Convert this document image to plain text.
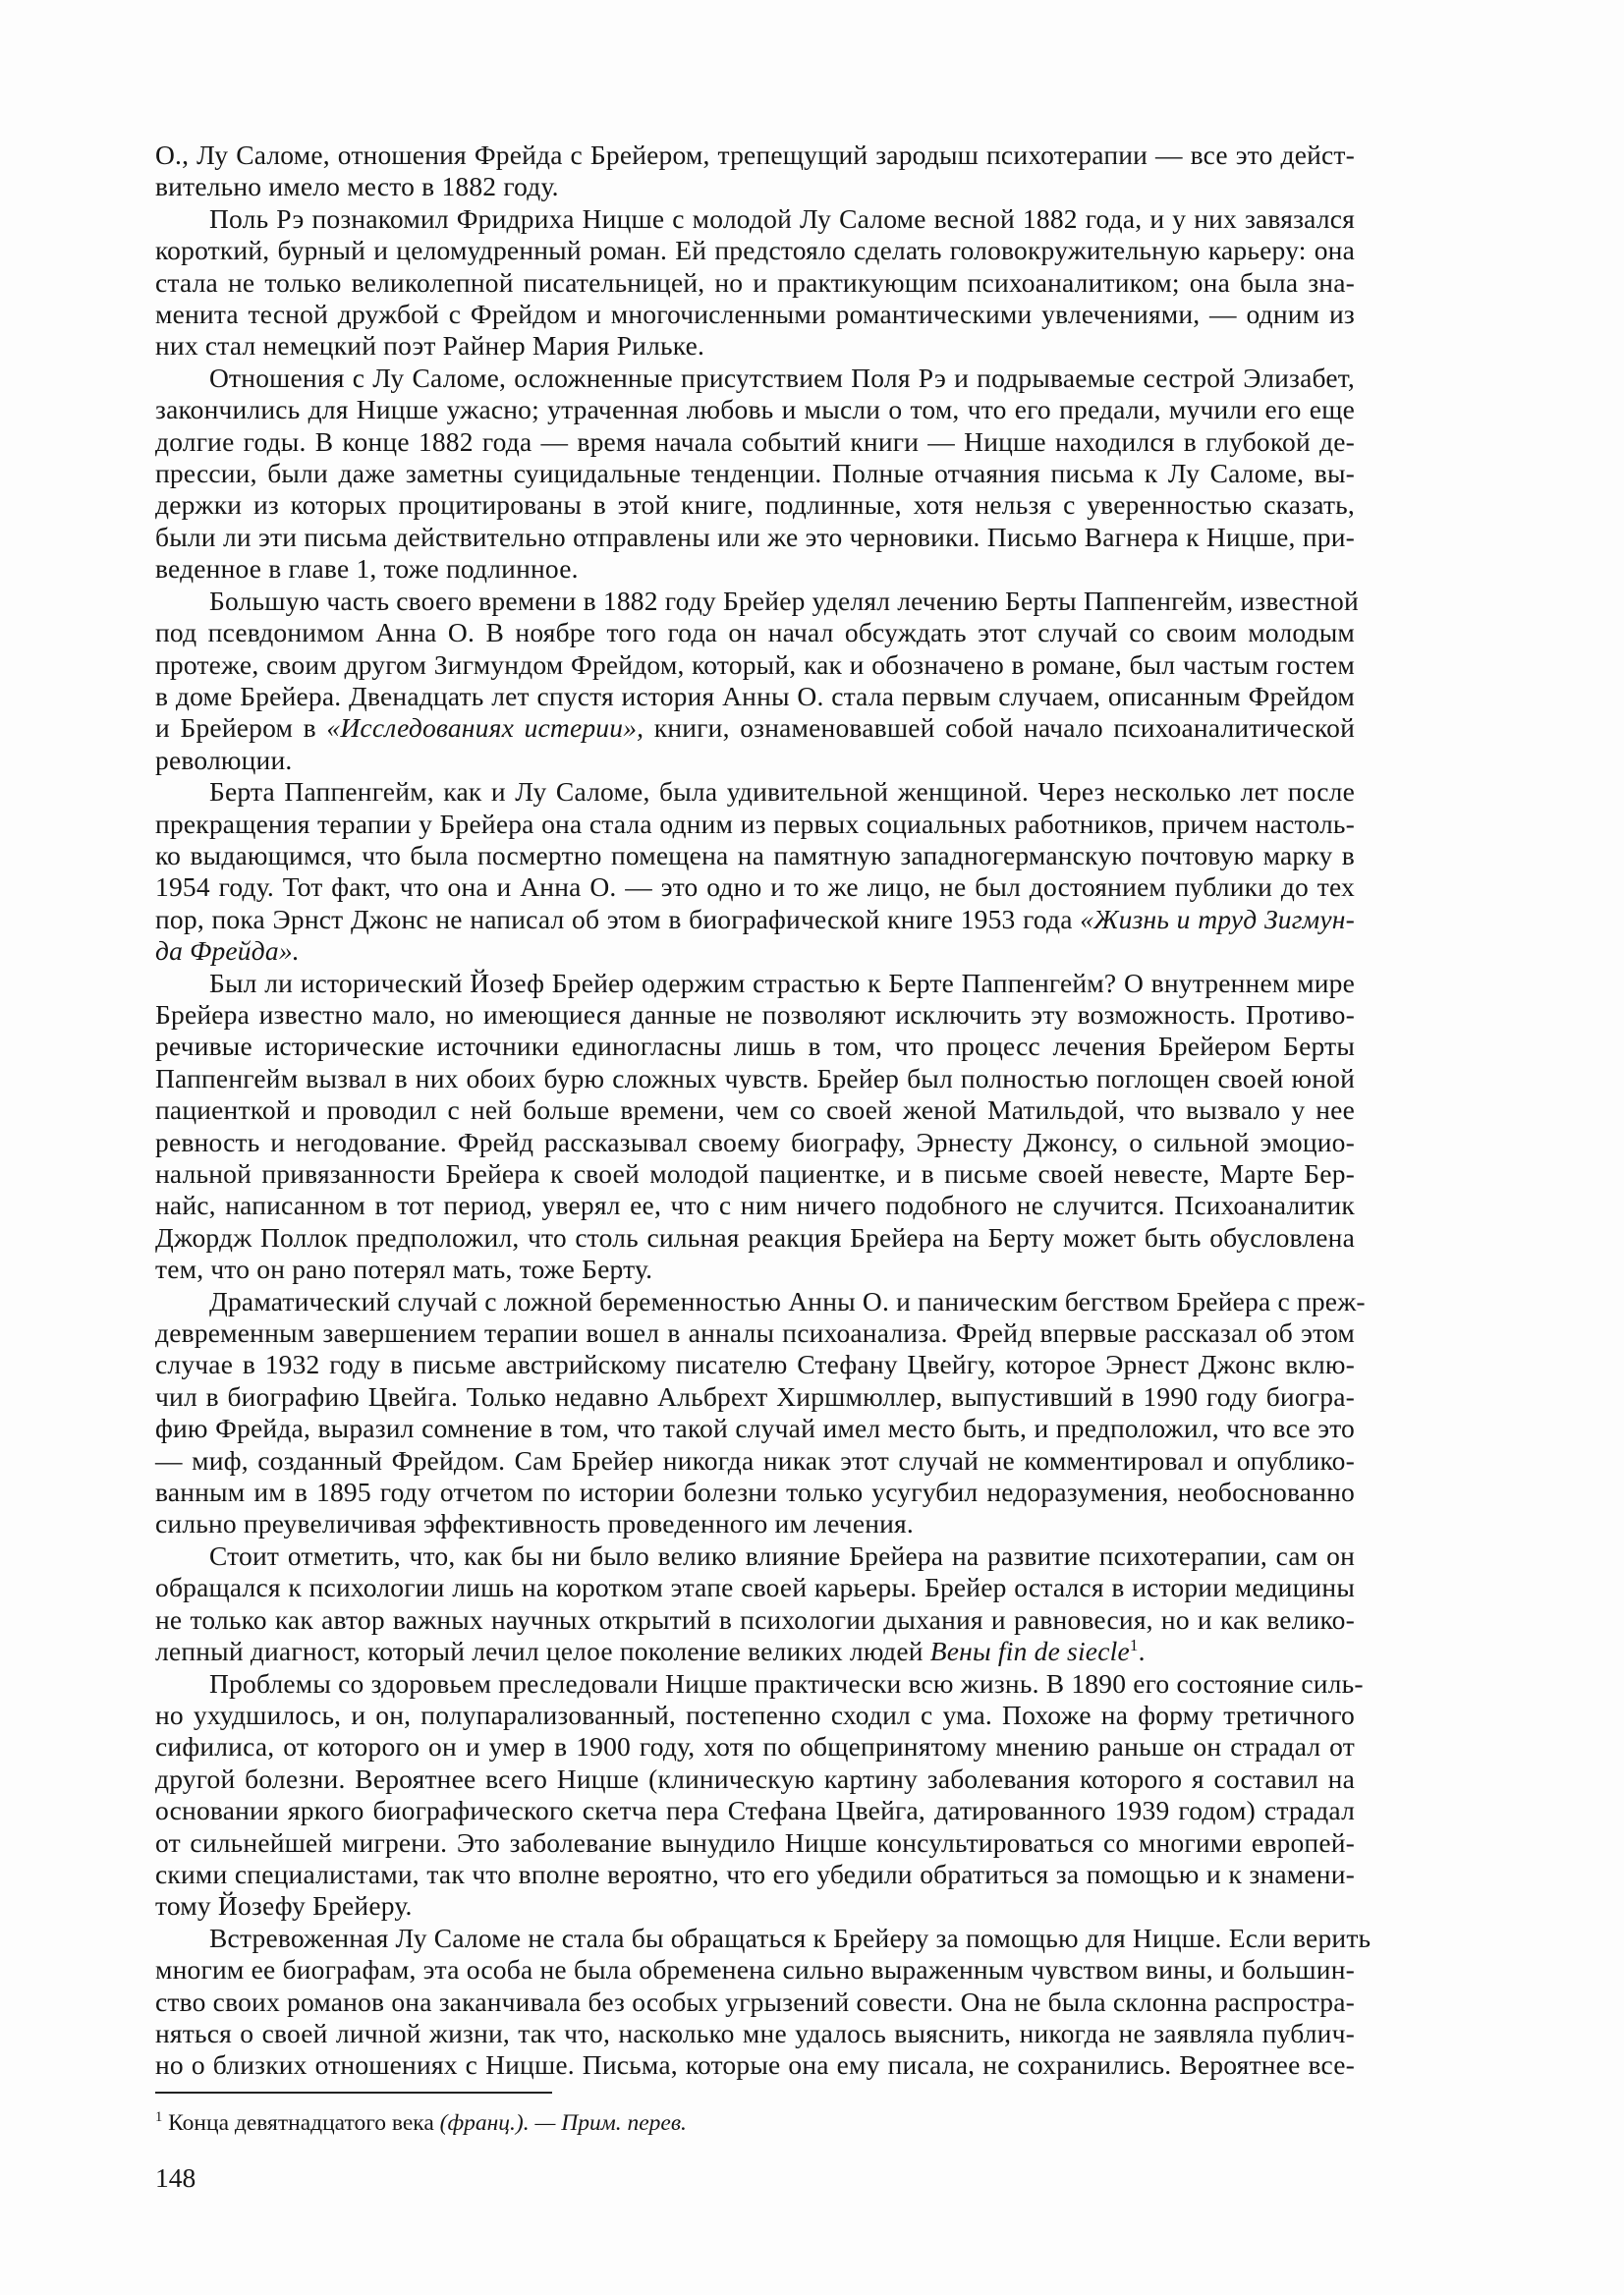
О., Лу Саломе, отношения Фрейда с Брейером, трепещущий зародыш психотерапии — все это дейст-
вительно имело место в 1882 году.
Поль Рэ познакомил Фридриха Ницше с молодой Лу Саломе весной 1882 года, и у них завязался
короткий, бурный и целомудренный роман. Ей предстояло сделать головокружительную карьеру: она
стала не только великолепной писательницей, но и практикующим психоаналитиком; она была зна-
менита тесной дружбой с Фрейдом и многочисленными романтическими увлечениями, — одним из
них стал немецкий поэт Райнер Мария Рильке.
Отношения с Лу Саломе, осложненные присутствием Поля Рэ и подрываемые сестрой Элизабет,
закончились для Ницше ужасно; утраченная любовь и мысли о том, что его предали, мучили его еще
долгие годы. В конце 1882 года — время начала событий книги — Ницше находился в глубокой де-
прессии, были даже заметны суицидальные тенденции. Полные отчаяния письма к Лу Саломе, вы-
держки из которых процитированы в этой книге, подлинные, хотя нельзя с уверенностью сказать,
были ли эти письма действительно отправлены или же это черновики. Письмо Вагнера к Ницше, при-
веденное в главе 1, тоже подлинное.
Большую часть своего времени в 1882 году Брейер уделял лечению Берты Паппенгейм, известной
под псевдонимом Анна О. В ноябре того года он начал обсуждать этот случай со своим молодым
протеже, своим другом Зигмундом Фрейдом, который, как и обозначено в романе, был частым гостем
в доме Брейера. Двенадцать лет спустя история Анны О. стала первым случаем, описанным Фрейдом
и Брейером в «Исследованиях истерии», книги, ознаменовавшей собой начало психоаналитической
революции.
Берта Паппенгейм, как и Лу Саломе, была удивительной женщиной. Через несколько лет после
прекращения терапии у Брейера она стала одним из первых социальных работников, причем настоль-
ко выдающимся, что была посмертно помещена на памятную западногерманскую почтовую марку в
1954 году. Тот факт, что она и Анна О. — это одно и то же лицо, не был достоянием публики до тех
пор, пока Эрнст Джонс не написал об этом в биографической книге 1953 года «Жизнь и труд Зигмун-
да Фрейда».
Был ли исторический Йозеф Брейер одержим страстью к Берте Паппенгейм? О внутреннем мире
Брейера известно мало, но имеющиеся данные не позволяют исключить эту возможность. Противо-
речивые исторические источники единогласны лишь в том, что процесс лечения Брейером Берты
Паппенгейм вызвал в них обоих бурю сложных чувств. Брейер был полностью поглощен своей юной
пациенткой и проводил с ней больше времени, чем со своей женой Матильдой, что вызвало у нее
ревность и негодование. Фрейд рассказывал своему биографу, Эрнесту Джонсу, о сильной эмоцио-
нальной привязанности Брейера к своей молодой пациентке, и в письме своей невесте, Марте Бер-
найс, написанном в тот период, уверял ее, что с ним ничего подобного не случится. Психоаналитик
Джордж Поллок предположил, что столь сильная реакция Брейера на Берту может быть обусловлена
тем, что он рано потерял мать, тоже Берту.
Драматический случай с ложной беременностью Анны О. и паническим бегством Брейера с преж-
девременным завершением терапии вошел в анналы психоанализа. Фрейд впервые рассказал об этом
случае в 1932 году в письме австрийскому писателю Стефану Цвейгу, которое Эрнест Джонс вклю-
чил в биографию Цвейга. Только недавно Альбрехт Хиршмюллер, выпустивший в 1990 году биогра-
фию Фрейда, выразил сомнение в том, что такой случай имел место быть, и предположил, что все это
— миф, созданный Фрейдом. Сам Брейер никогда никак этот случай не комментировал и опублико-
ванным им в 1895 году отчетом по истории болезни только усугубил недоразумения, необоснованно
сильно преувеличивая эффективность проведенного им лечения.
Стоит отметить, что, как бы ни было велико влияние Брейера на развитие психотерапии, сам он
обращался к психологии лишь на коротком этапе своей карьеры. Брейер остался в истории медицины
не только как автор важных научных открытий в психологии дыхания и равновесия, но и как велико-
лепный диагност, который лечил целое поколение великих людей Вены fin de siecle$^1$.
Проблемы со здоровьем преследовали Ницше практически всю жизнь. В 1890 его состояние силь-
но ухудшилось, и он, полупарализованный, постепенно сходил с ума. Похоже на форму третичного
сифилиса, от которого он и умер в 1900 году, хотя по общепринятому мнению раньше он страдал от
другой болезни. Вероятнее всего Ницше (клиническую картину заболевания которого я составил на
основании яркого биографического скетча пера Стефана Цвейга, датированного 1939 годом) страдал
от сильнейшей мигрени. Это заболевание вынудило Ницше консультироваться со многими европей-
скими специалистами, так что вполне вероятно, что его убедили обратиться за помощью и к знамени-
тому Йозефу Брейеру.
Встревоженная Лу Саломе не стала бы обращаться к Брейеру за помощью для Ницше. Если верить
многим ее биографам, эта особа не была обременена сильно выраженным чувством вины, и большин-
ство своих романов она заканчивала без особых угрызений совести. Она не была склонна распростра-
няться о своей личной жизни, так что, насколько мне удалось выяснить, никогда не заявляла публич-
но о близких отношениях с Ницше. Письма, которые она ему писала, не сохранились. Вероятнее все-
$^1$ Конца девятнадцатого века (франц.). — Прим. перев.
148
